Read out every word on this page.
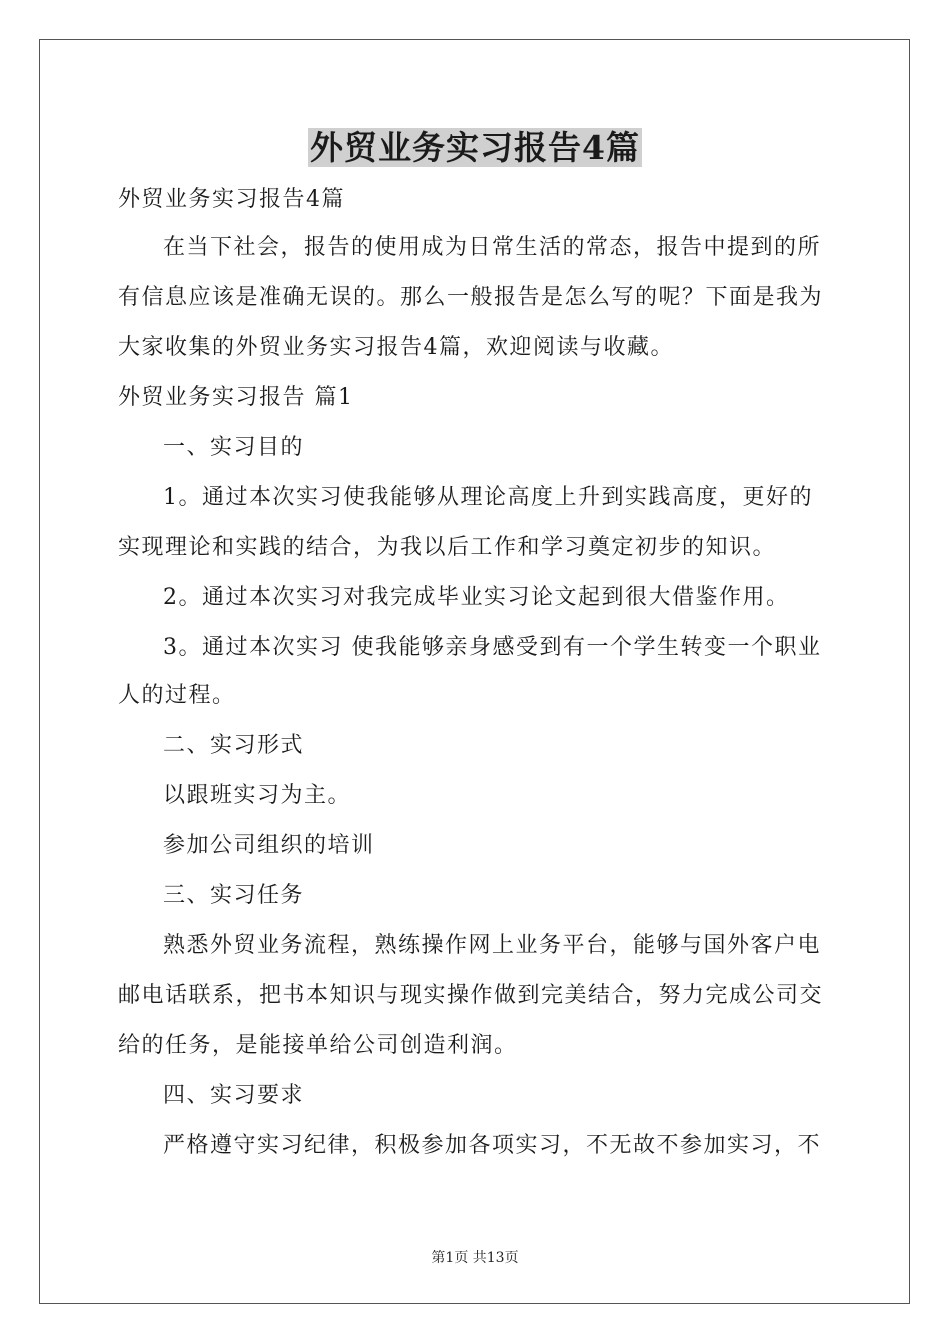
外贸业务实习报告4篇
外贸业务实习报告4篇
在当下社会，报告的使用成为日常生活的常态，报告中提到的所
有信息应该是准确无误的。那么一般报告是怎么写的呢？下面是我为
大家收集的外贸业务实习报告4篇，欢迎阅读与收藏。
外贸业务实习报告 篇1
一、实习目的
1。通过本次实习使我能够从理论高度上升到实践高度，更好的
实现理论和实践的结合，为我以后工作和学习奠定初步的知识。
2。通过本次实习对我完成毕业实习论文起到很大借鉴作用。
3。通过本次实习 使我能够亲身感受到有一个学生转变一个职业
人的过程。
二、实习形式
以跟班实习为主。
参加公司组织的培训
三、实习任务
熟悉外贸业务流程，熟练操作网上业务平台，能够与国外客户电
邮电话联系，把书本知识与现实操作做到完美结合，努力完成公司交
给的任务，是能接单给公司创造利润。
四、实习要求
严格遵守实习纪律，积极参加各项实习，不无故不参加实习，不
第1页 共13页
